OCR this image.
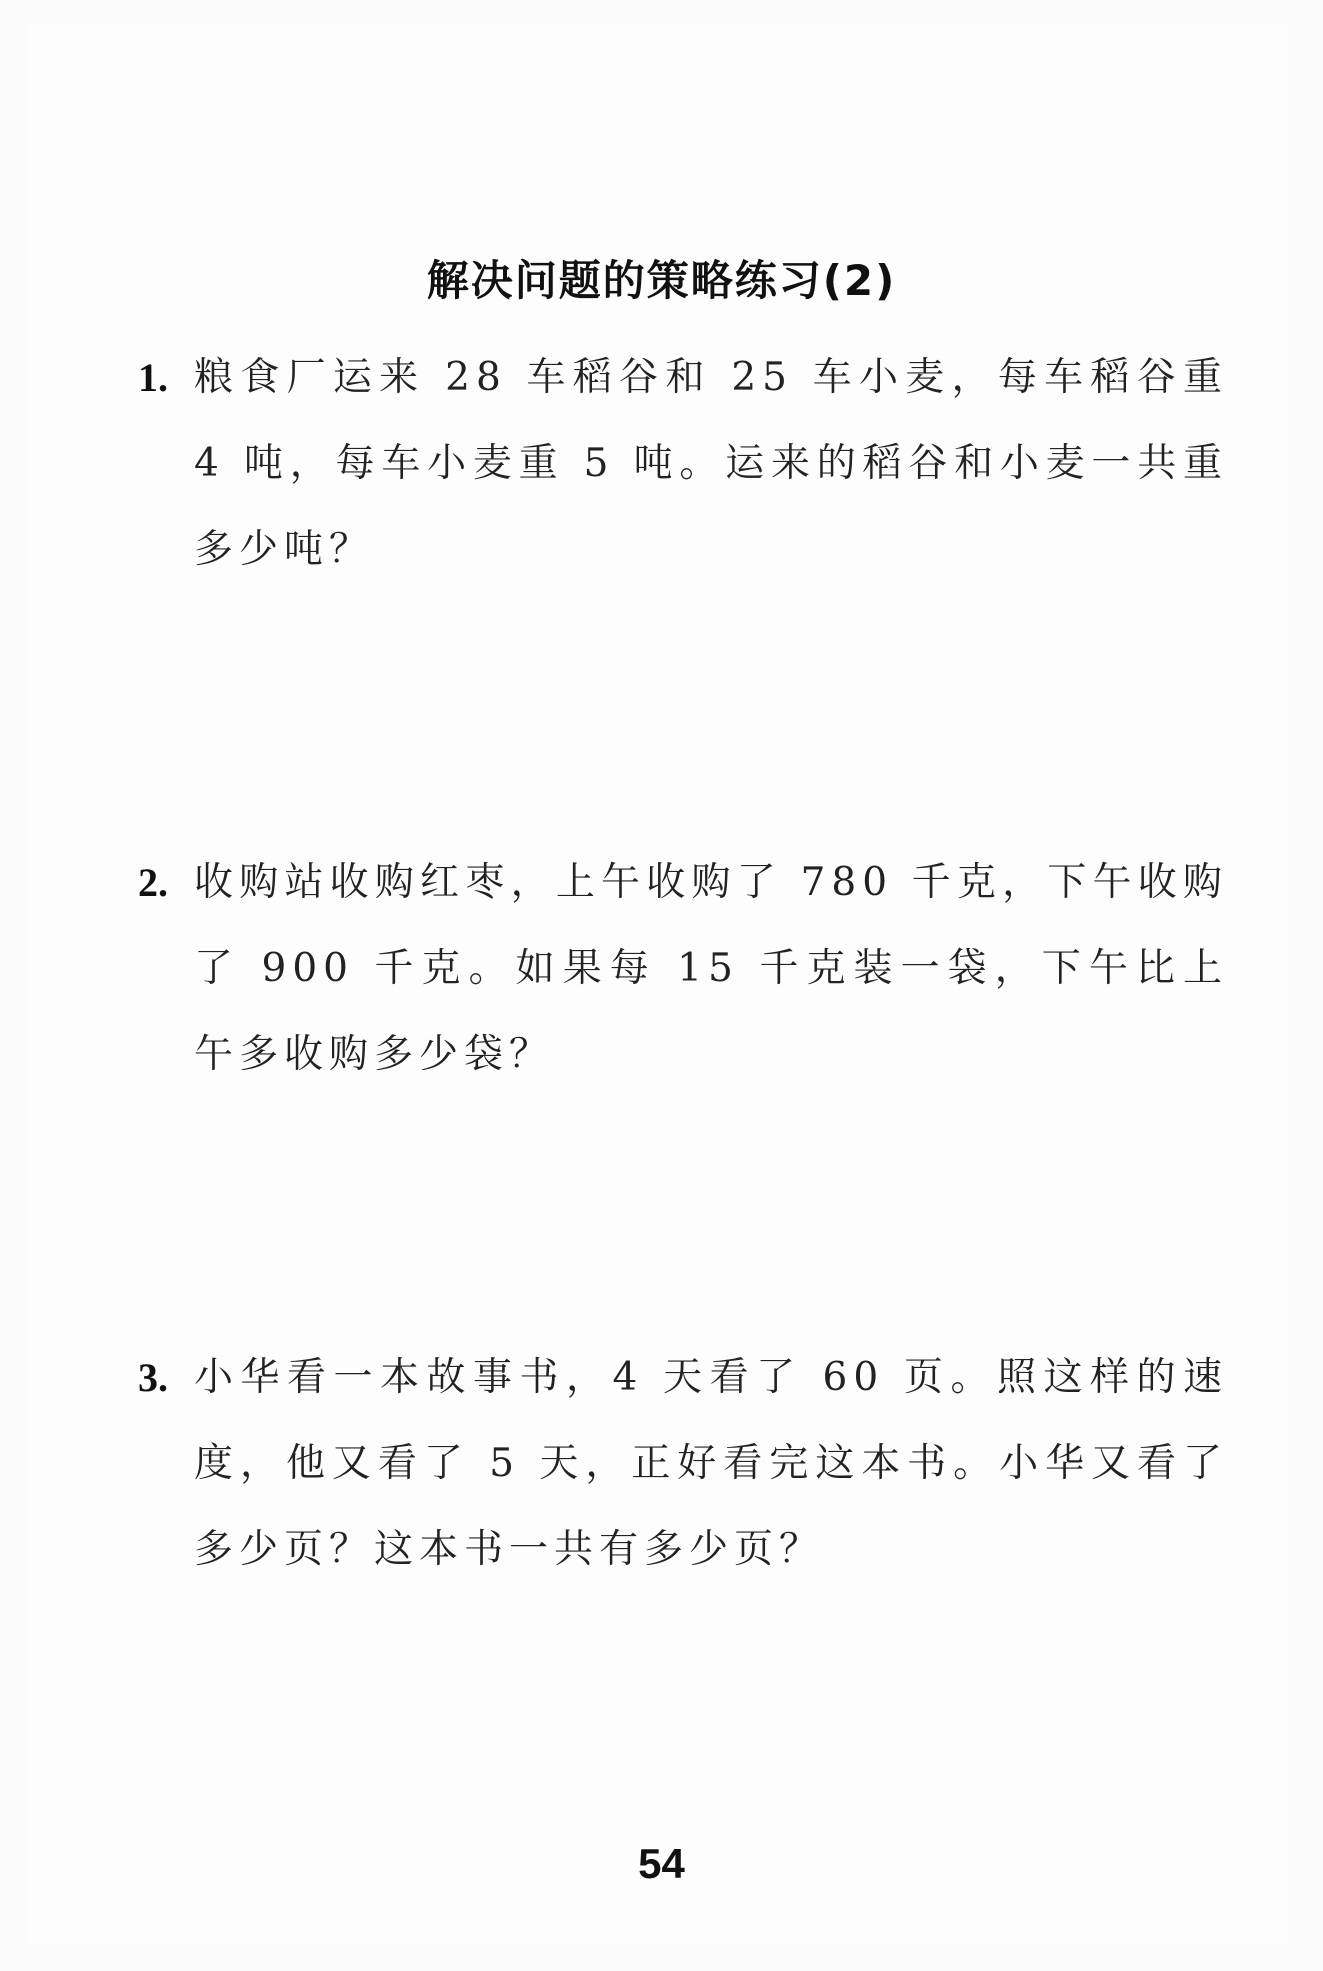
解决问题的策略练习(2)
1. 粮食厂运来 28 车稻谷和 25 车小麦，每车稻谷重 4 吨，每车小麦重 5 吨。运来的稻谷和小麦一共重多少吨？
2. 收购站收购红枣，上午收购了 780 千克，下午收购了 900 千克。如果每 15 千克装一袋，下午比上午多收购多少袋？
3. 小华看一本故事书，4 天看了 60 页。照这样的速度，他又看了 5 天，正好看完这本书。小华又看了多少页？这本书一共有多少页？
54
